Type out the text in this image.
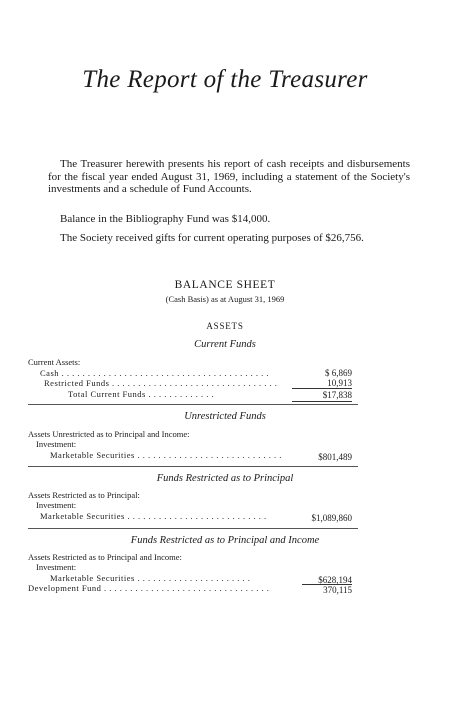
The Report of the Treasurer
The Treasurer herewith presents his report of cash receipts and disbursements for the fiscal year ended August 31, 1969, including a statement of the Society's investments and a schedule of Fund Accounts.
Balance in the Bibliography Fund was $14,000.
The Society received gifts for current operating purposes of $26,756.
BALANCE SHEET
(Cash Basis) as at August 31, 1969
ASSETS
Current Funds
Current Assets:
Cash . . . . . . . . . . . . . . . . . . . . . . . . . . . . . . . . . . . . . . . .	$ 6,869
Restricted Funds . . . . . . . . . . . . . . . . . . . . . . . . . . . . . . . .	10,913
Total Current Funds . . . . . . . . . . . . .	$17,838
Unrestricted Funds
Assets Unrestricted as to Principal and Income:
Investment:
Marketable Securities . . . . . . . . . . . . . . . . . . . . . . . . . . . .	$801,489
Funds Restricted as to Principal
Assets Restricted as to Principal:
Investment:
Marketable Securities . . . . . . . . . . . . . . . . . . . . . . . . . . .	$1,089,860
Funds Restricted as to Principal and Income
Assets Restricted as to Principal and Income:
Investment:
Marketable Securities . . . . . . . . . . . . . . . . . . . . . .	$628,194
Development Fund . . . . . . . . . . . . . . . . . . . . . . . . . . . . . . . .	370,115
